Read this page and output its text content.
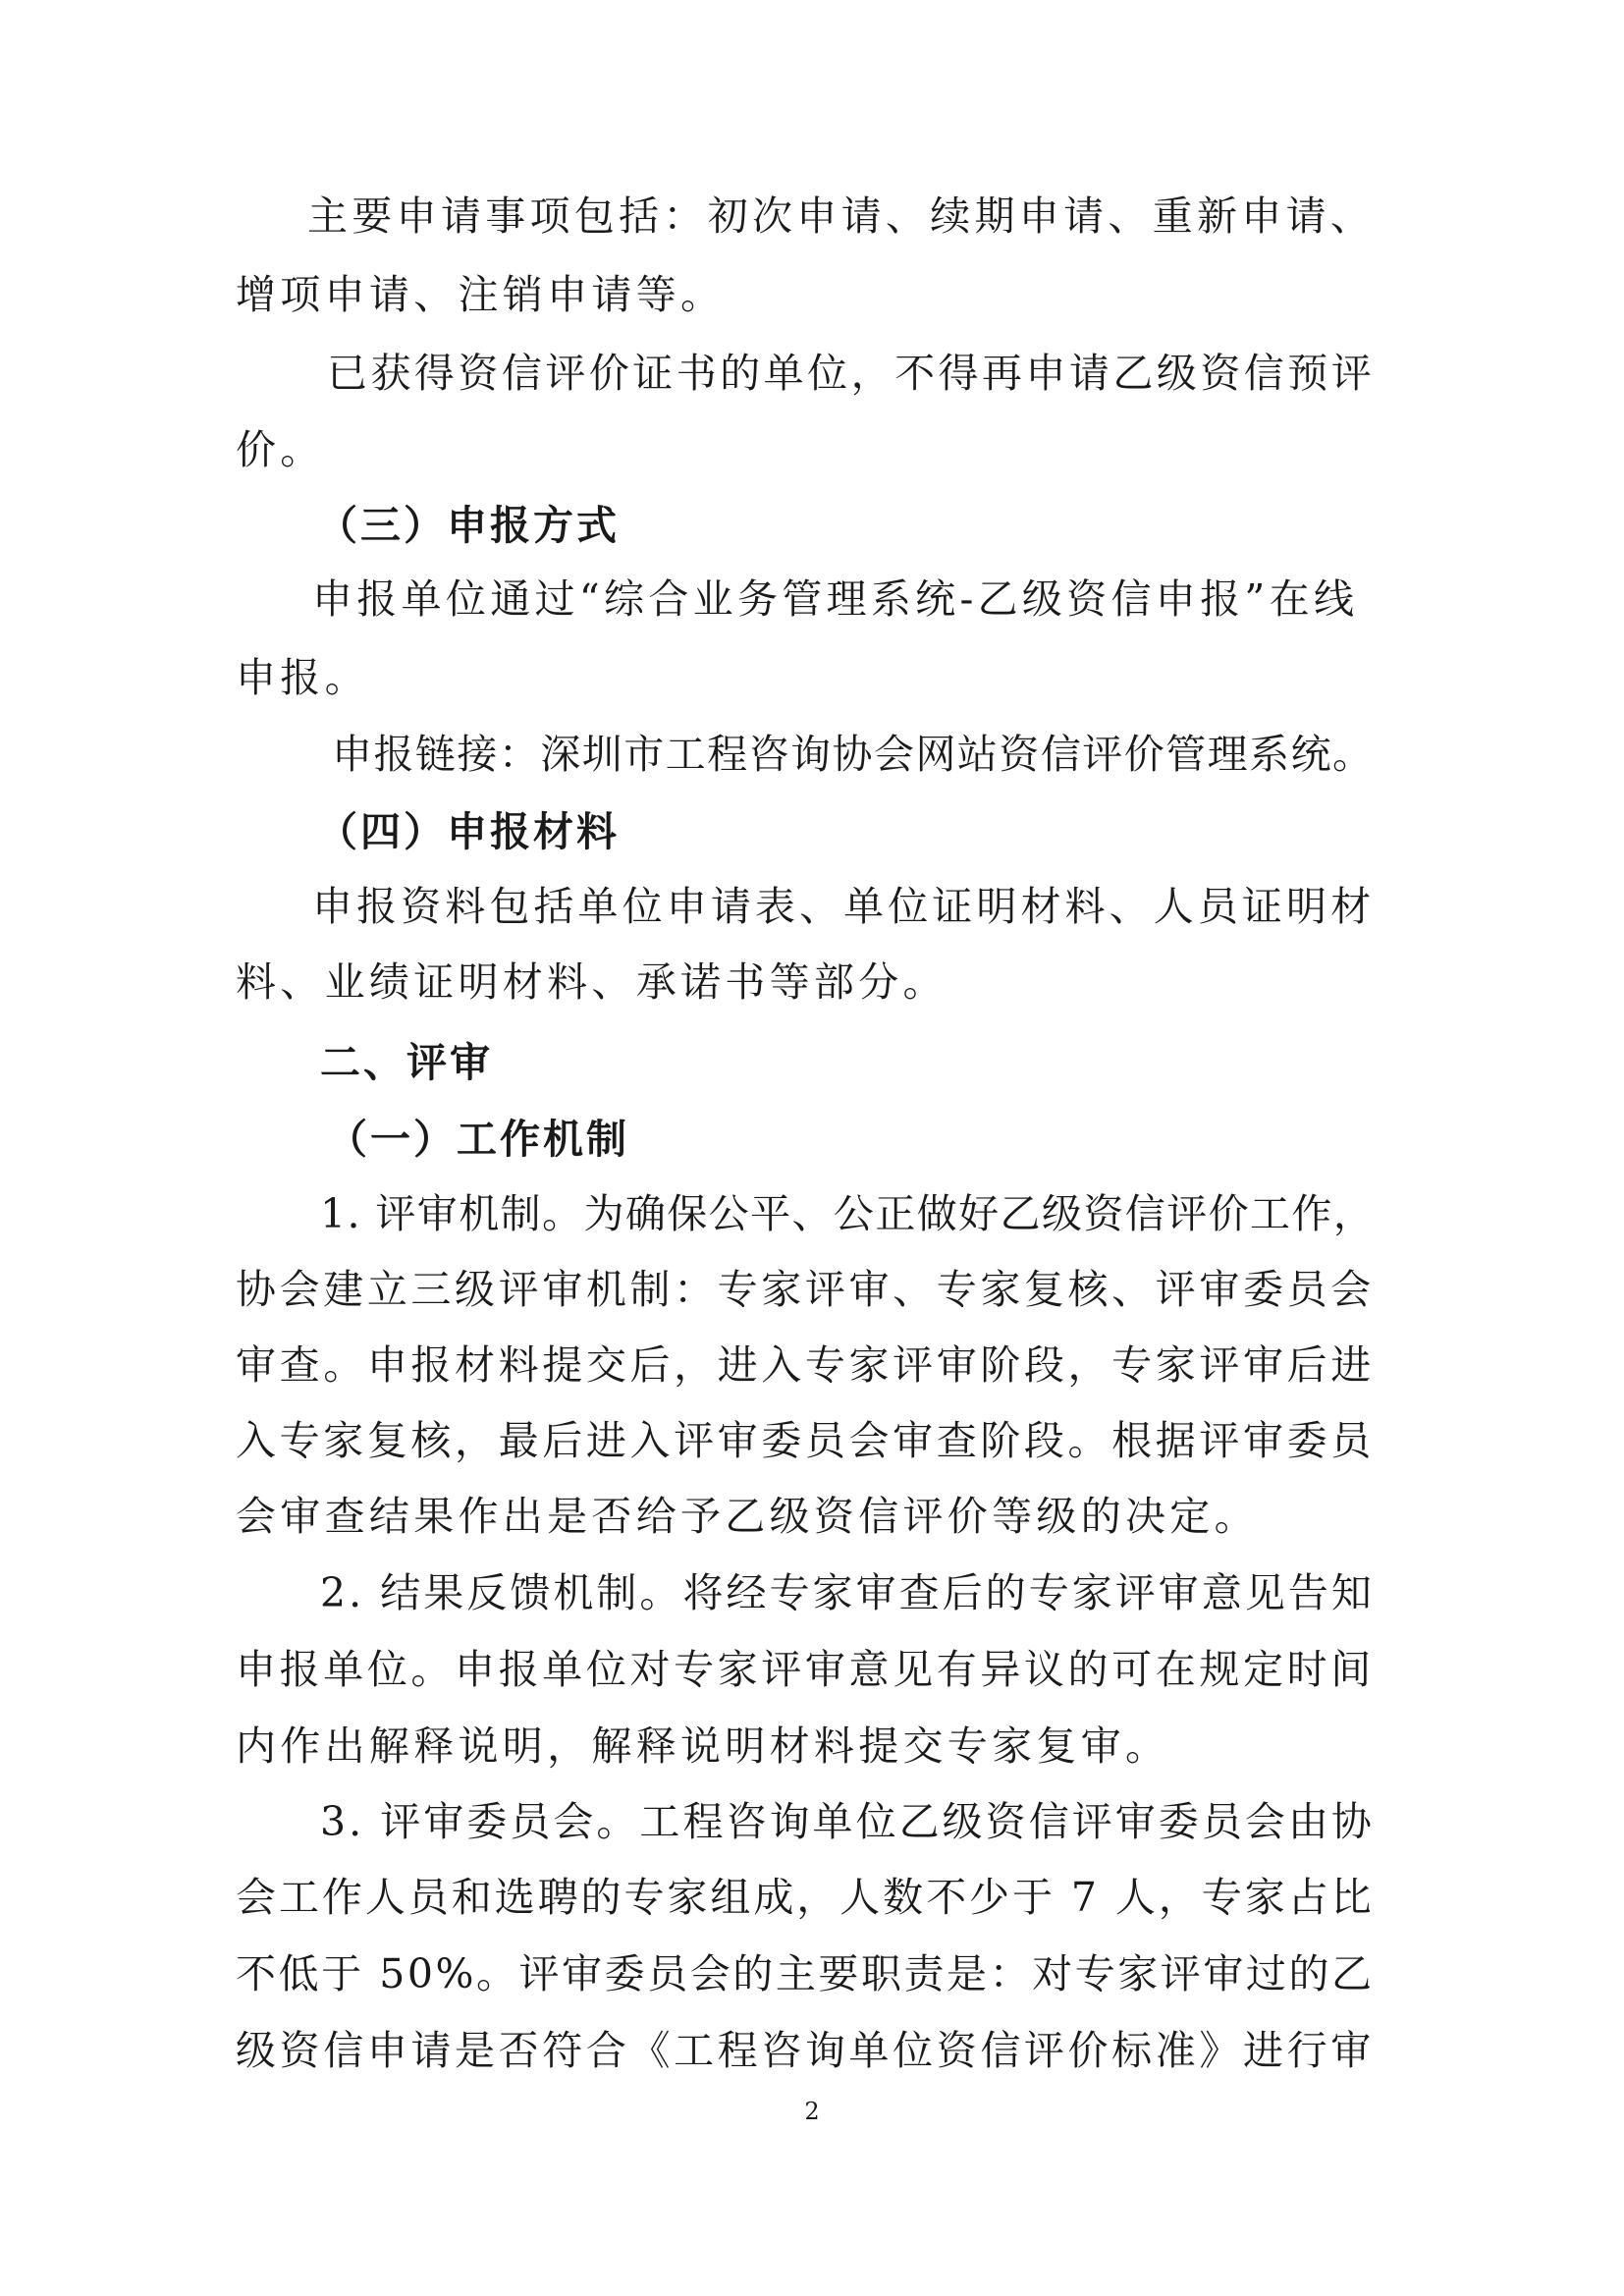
主要申请事项包括：初次申请、续期申请、重新申请、
增项申请、注销申请等。
已获得资信评价证书的单位，不得再申请乙级资信预评
价。
（三）申报方式
申报单位通过“综合业务管理系统-乙级资信申报”在线
申报。
申报链接：深圳市工程咨询协会网站资信评价管理系统。
（四）申报材料
申报资料包括单位申请表、单位证明材料、人员证明材
料、业绩证明材料、承诺书等部分。
二、评审
（一）工作机制
1. 评审机制。为确保公平、公正做好乙级资信评价工作，
协会建立三级评审机制：专家评审、专家复核、评审委员会
审查。申报材料提交后，进入专家评审阶段，专家评审后进
入专家复核，最后进入评审委员会审查阶段。根据评审委员
会审查结果作出是否给予乙级资信评价等级的决定。
2. 结果反馈机制。将经专家审查后的专家评审意见告知
申报单位。申报单位对专家评审意见有异议的可在规定时间
内作出解释说明，解释说明材料提交专家复审。
3. 评审委员会。工程咨询单位乙级资信评审委员会由协
会工作人员和选聘的专家组成，人数不少于 7 人，专家占比
不低于 50%。评审委员会的主要职责是：对专家评审过的乙
级资信申请是否符合《工程咨询单位资信评价标准》进行审
2
